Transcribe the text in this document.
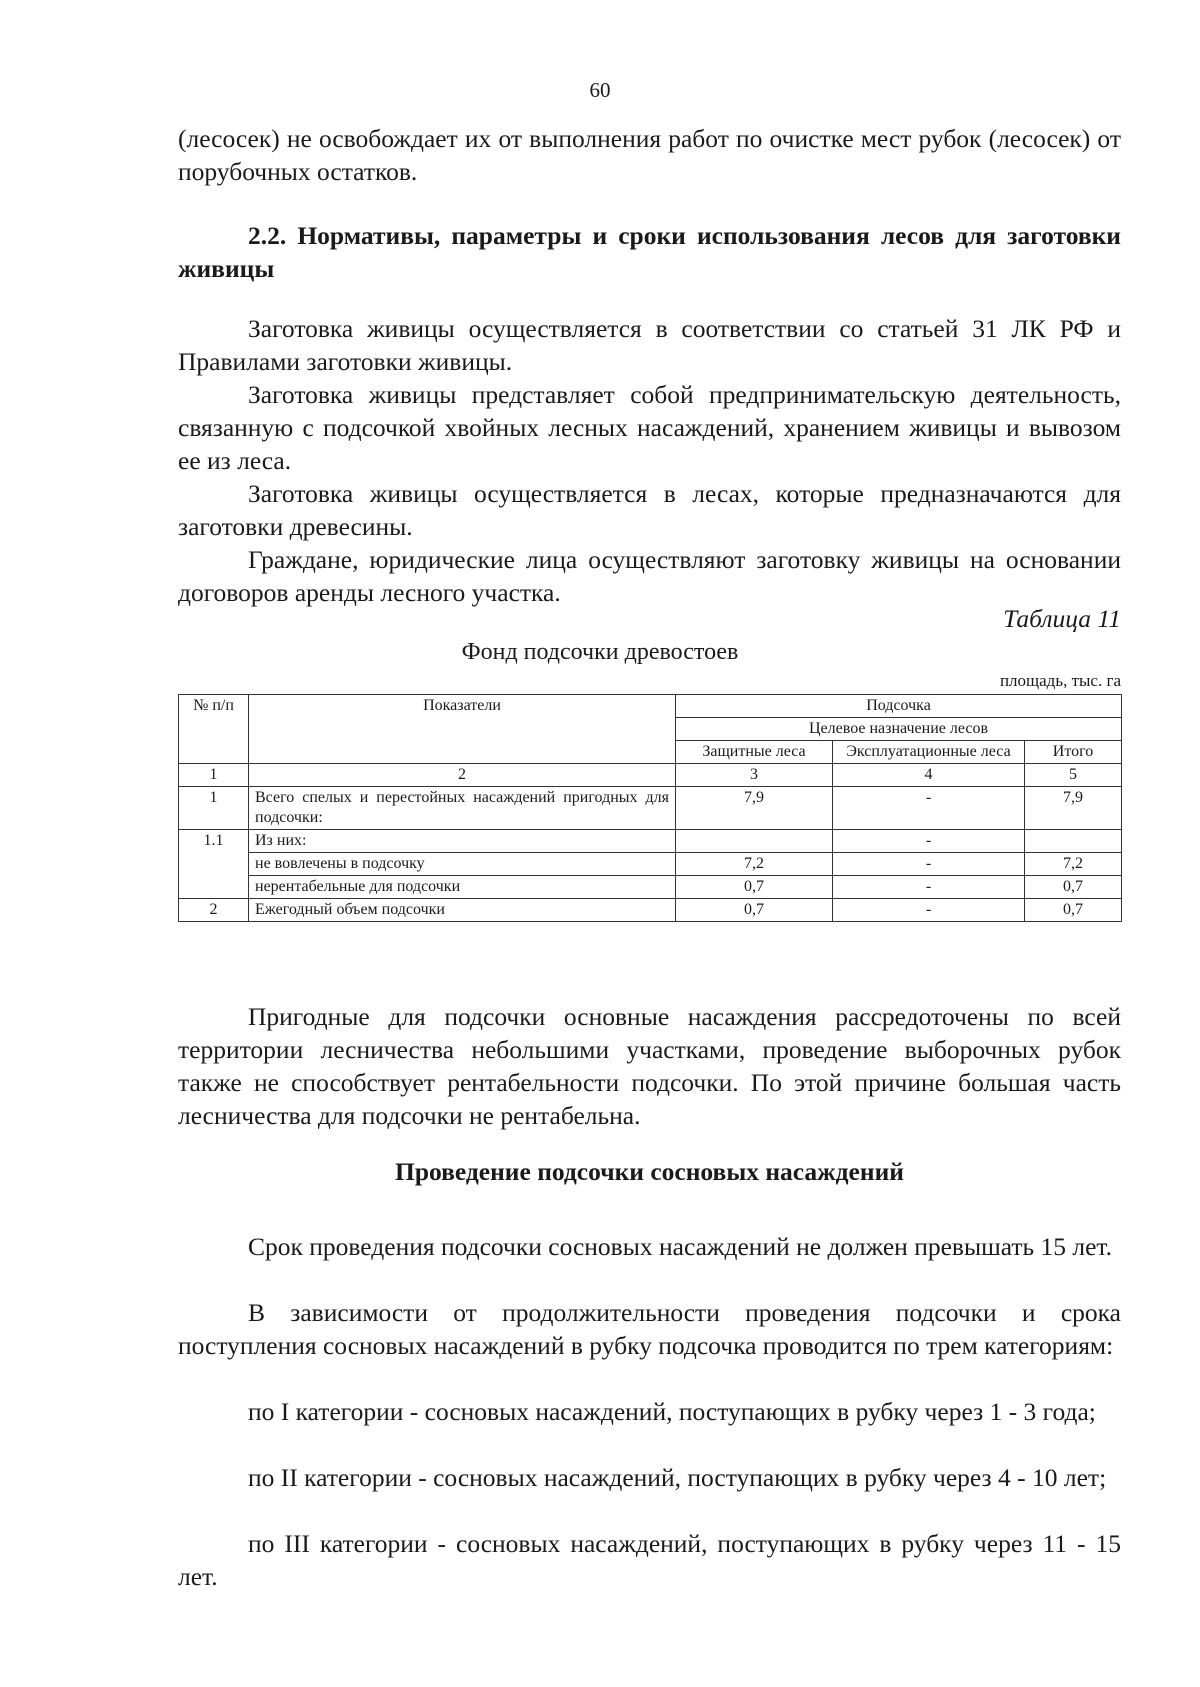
60

(лесосек) не освобождает их от выполнения работ по очистке мест рубок (лесосек) от порубочных остатков.

2.2. Нормативы, параметры и сроки использования лесов для заготовки живицы

Заготовка живицы осуществляется в соответствии со статьей 31 ЛК РФ и Правилами заготовки живицы.

Заготовка живицы представляет собой предпринимательскую деятельность, связанную с подсочкой хвойных лесных насаждений, хранением живицы и вывозом ее из леса.

Заготовка живицы осуществляется в лесах, которые предназначаются для заготовки древесины.

Граждане, юридические лица осуществляют заготовку живицы на основании договоров аренды лесного участка.

Таблица 11
Фонд подсочки древостоев
площадь, тыс. га
№ п/п	Показатели	Подсочка		
		Целевое назначение лесов		
		Защитные леса	Эксплуатационные леса	Итого
1	2	3	4	5
1	Всего спелых и перестойных насаждений пригодных для подсочки:	7,9	-	7,9
1.1	Из них:		-	
	не вовлечены в подсочку	7,2	-	7,2
	нерентабельные для подсочки	0,7	-	0,7
2	Ежегодный объем подсочки	0,7	-	0,7

Пригодные для подсочки основные насаждения рассредоточены по всей территории лесничества небольшими участками, проведение выборочных рубок также не способствует рентабельности подсочки. По этой причине большая часть лесничества для подсочки не рентабельна.

Проведение подсочки сосновых насаждений

Срок проведения подсочки сосновых насаждений не должен превышать 15 лет.

В зависимости от продолжительности проведения подсочки и срока поступления сосновых насаждений в рубку подсочка проводится по трем категориям:

по I категории - сосновых насаждений, поступающих в рубку через 1 - 3 года;

по II категории - сосновых насаждений, поступающих в рубку через 4 - 10 лет;

по III категории - сосновых насаждений, поступающих в рубку через 11 - 15 лет.
